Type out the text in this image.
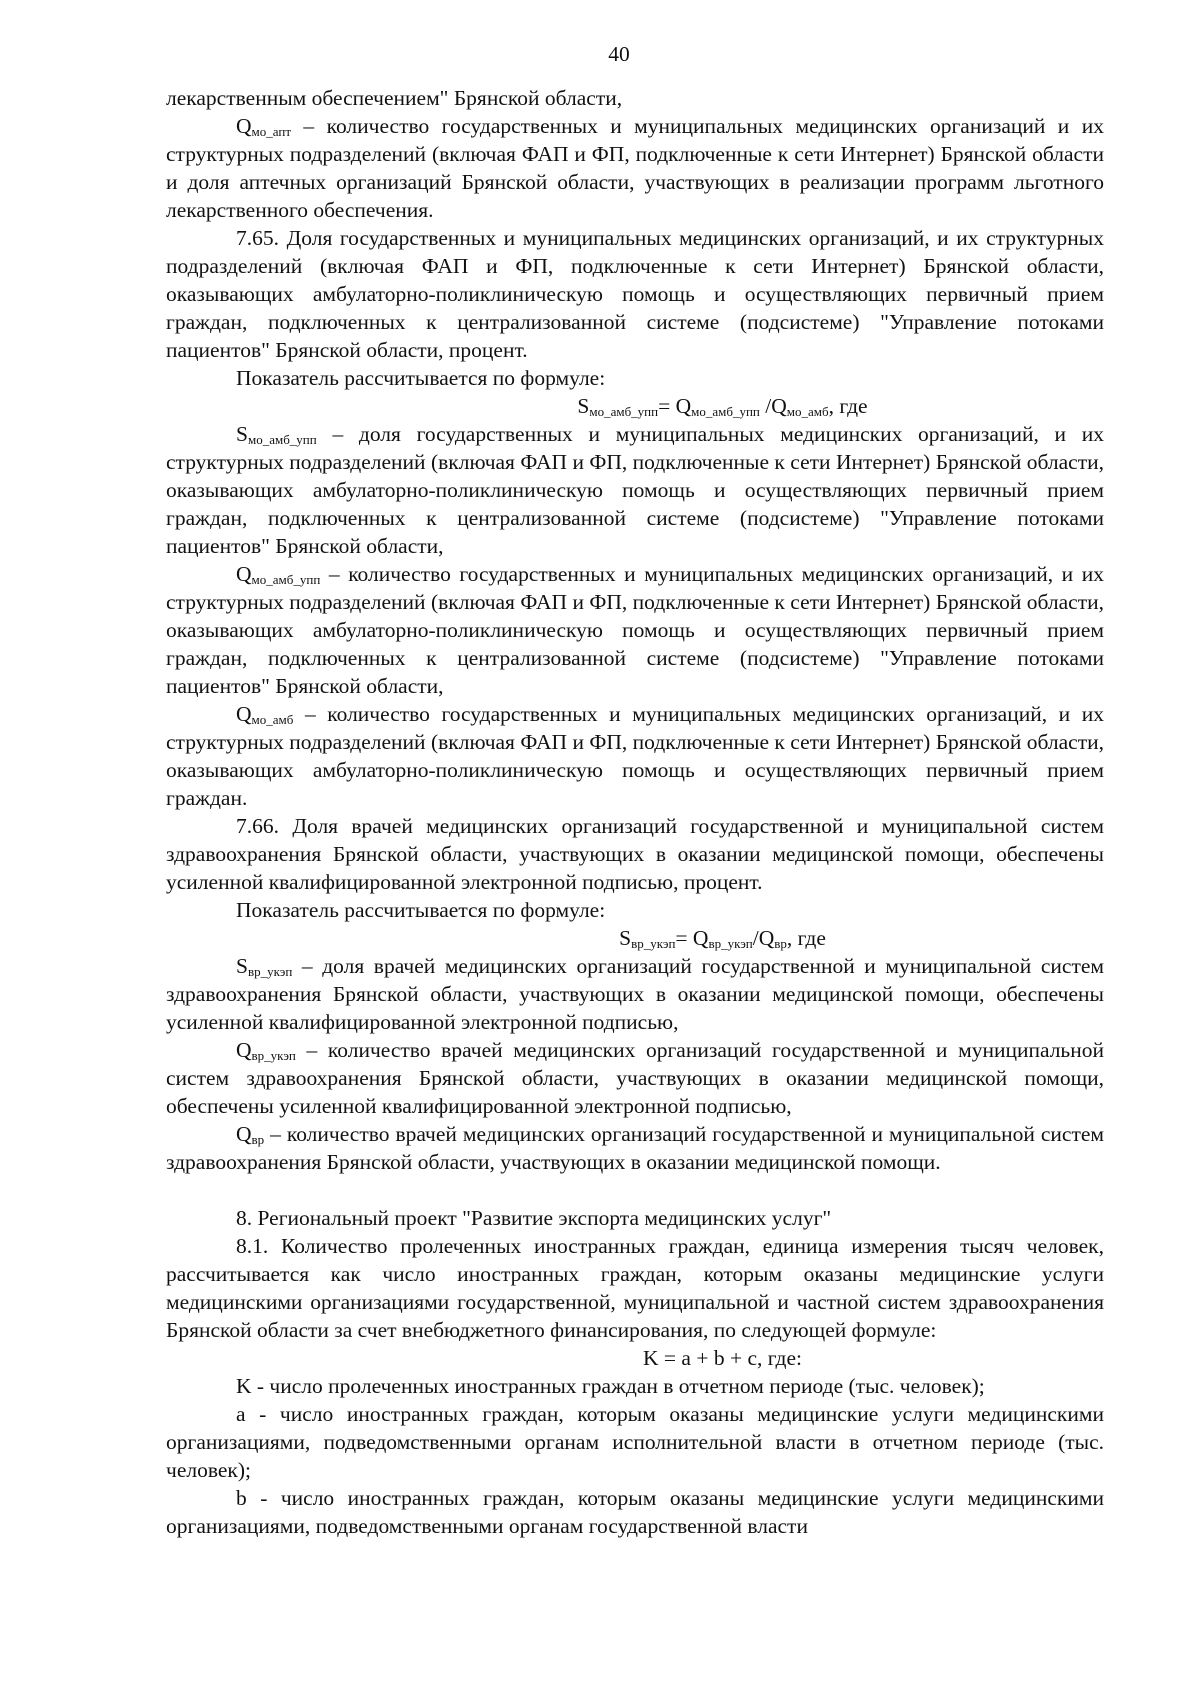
40

лекарственным обеспечением" Брянской области,

$Q_{мо\_апт}$ – количество государственных и муниципальных медицинских организаций и их структурных подразделений (включая ФАП и ФП, подключенные к сети Интернет) Брянской области и доля аптечных организаций Брянской области, участвующих в реализации программ льготного лекарственного обеспечения.

7.65. Доля государственных и муниципальных медицинских организаций, и их структурных подразделений (включая ФАП и ФП, подключенные к сети Интернет) Брянской области, оказывающих амбулаторно-поликлиническую помощь и осуществляющих первичный прием граждан, подключенных к централизованной системе (подсистеме) "Управление потоками пациентов" Брянской области, процент.

Показатель рассчитывается по формуле:

$S_{мо\_амб\_упп}= Q_{мо\_амб\_упп}$ $/Q_{мо\_амб}$, где

$S_{мо\_амб\_упп}$ – доля государственных и муниципальных медицинских организаций, и их структурных подразделений (включая ФАП и ФП, подключенные к сети Интернет) Брянской области, оказывающих амбулаторно-поликлиническую помощь и осуществляющих первичный прием граждан, подключенных к централизованной системе (подсистеме) "Управление потоками пациентов" Брянской области,

$Q_{мо\_амб\_упп}$ – количество государственных и муниципальных медицинских организаций, и их структурных подразделений (включая ФАП и ФП, подключенные к сети Интернет) Брянской области, оказывающих амбулаторно-поликлиническую помощь и осуществляющих первичный прием граждан, подключенных к централизованной системе (подсистеме) "Управление потоками пациентов" Брянской области,

$Q_{мо\_амб}$ – количество государственных и муниципальных медицинских организаций, и их структурных подразделений (включая ФАП и ФП, подключенные к сети Интернет) Брянской области, оказывающих амбулаторно-поликлиническую помощь и осуществляющих первичный прием граждан.

7.66. Доля врачей медицинских организаций государственной и муниципальной систем здравоохранения Брянской области, участвующих в оказании медицинской помощи, обеспечены усиленной квалифицированной электронной подписью, процент.

Показатель рассчитывается по формуле:

$S_{вр\_укэп}= Q_{вр\_укэп}/Q_{вр}$, где

$S_{вр\_укэп}$ – доля врачей медицинских организаций государственной и муниципальной систем здравоохранения Брянской области, участвующих в оказании медицинской помощи, обеспечены усиленной квалифицированной электронной подписью,

$Q_{вр\_укэп}$ – количество врачей медицинских организаций государственной и муниципальной систем здравоохранения Брянской области, участвующих в оказании медицинской помощи, обеспечены усиленной квалифицированной электронной подписью,

$Q_{вр}$ – количество врачей медицинских организаций государственной и муниципальной систем здравоохранения Брянской области, участвующих в оказании медицинской помощи.

8. Региональный проект "Развитие экспорта медицинских услуг"

8.1. Количество пролеченных иностранных граждан, единица измерения тысяч человек, рассчитывается как число иностранных граждан, которым оказаны медицинские услуги медицинскими организациями государственной, муниципальной и частной систем здравоохранения Брянской области за счет внебюджетного финансирования, по следующей формуле:

K = a + b + c, где:

K - число пролеченных иностранных граждан в отчетном периоде (тыс. человек);

a - число иностранных граждан, которым оказаны медицинские услуги медицинскими организациями, подведомственными органам исполнительной власти в отчетном периоде (тыс. человек);

b - число иностранных граждан, которым оказаны медицинские услуги медицинскими организациями, подведомственными органам государственной власти
